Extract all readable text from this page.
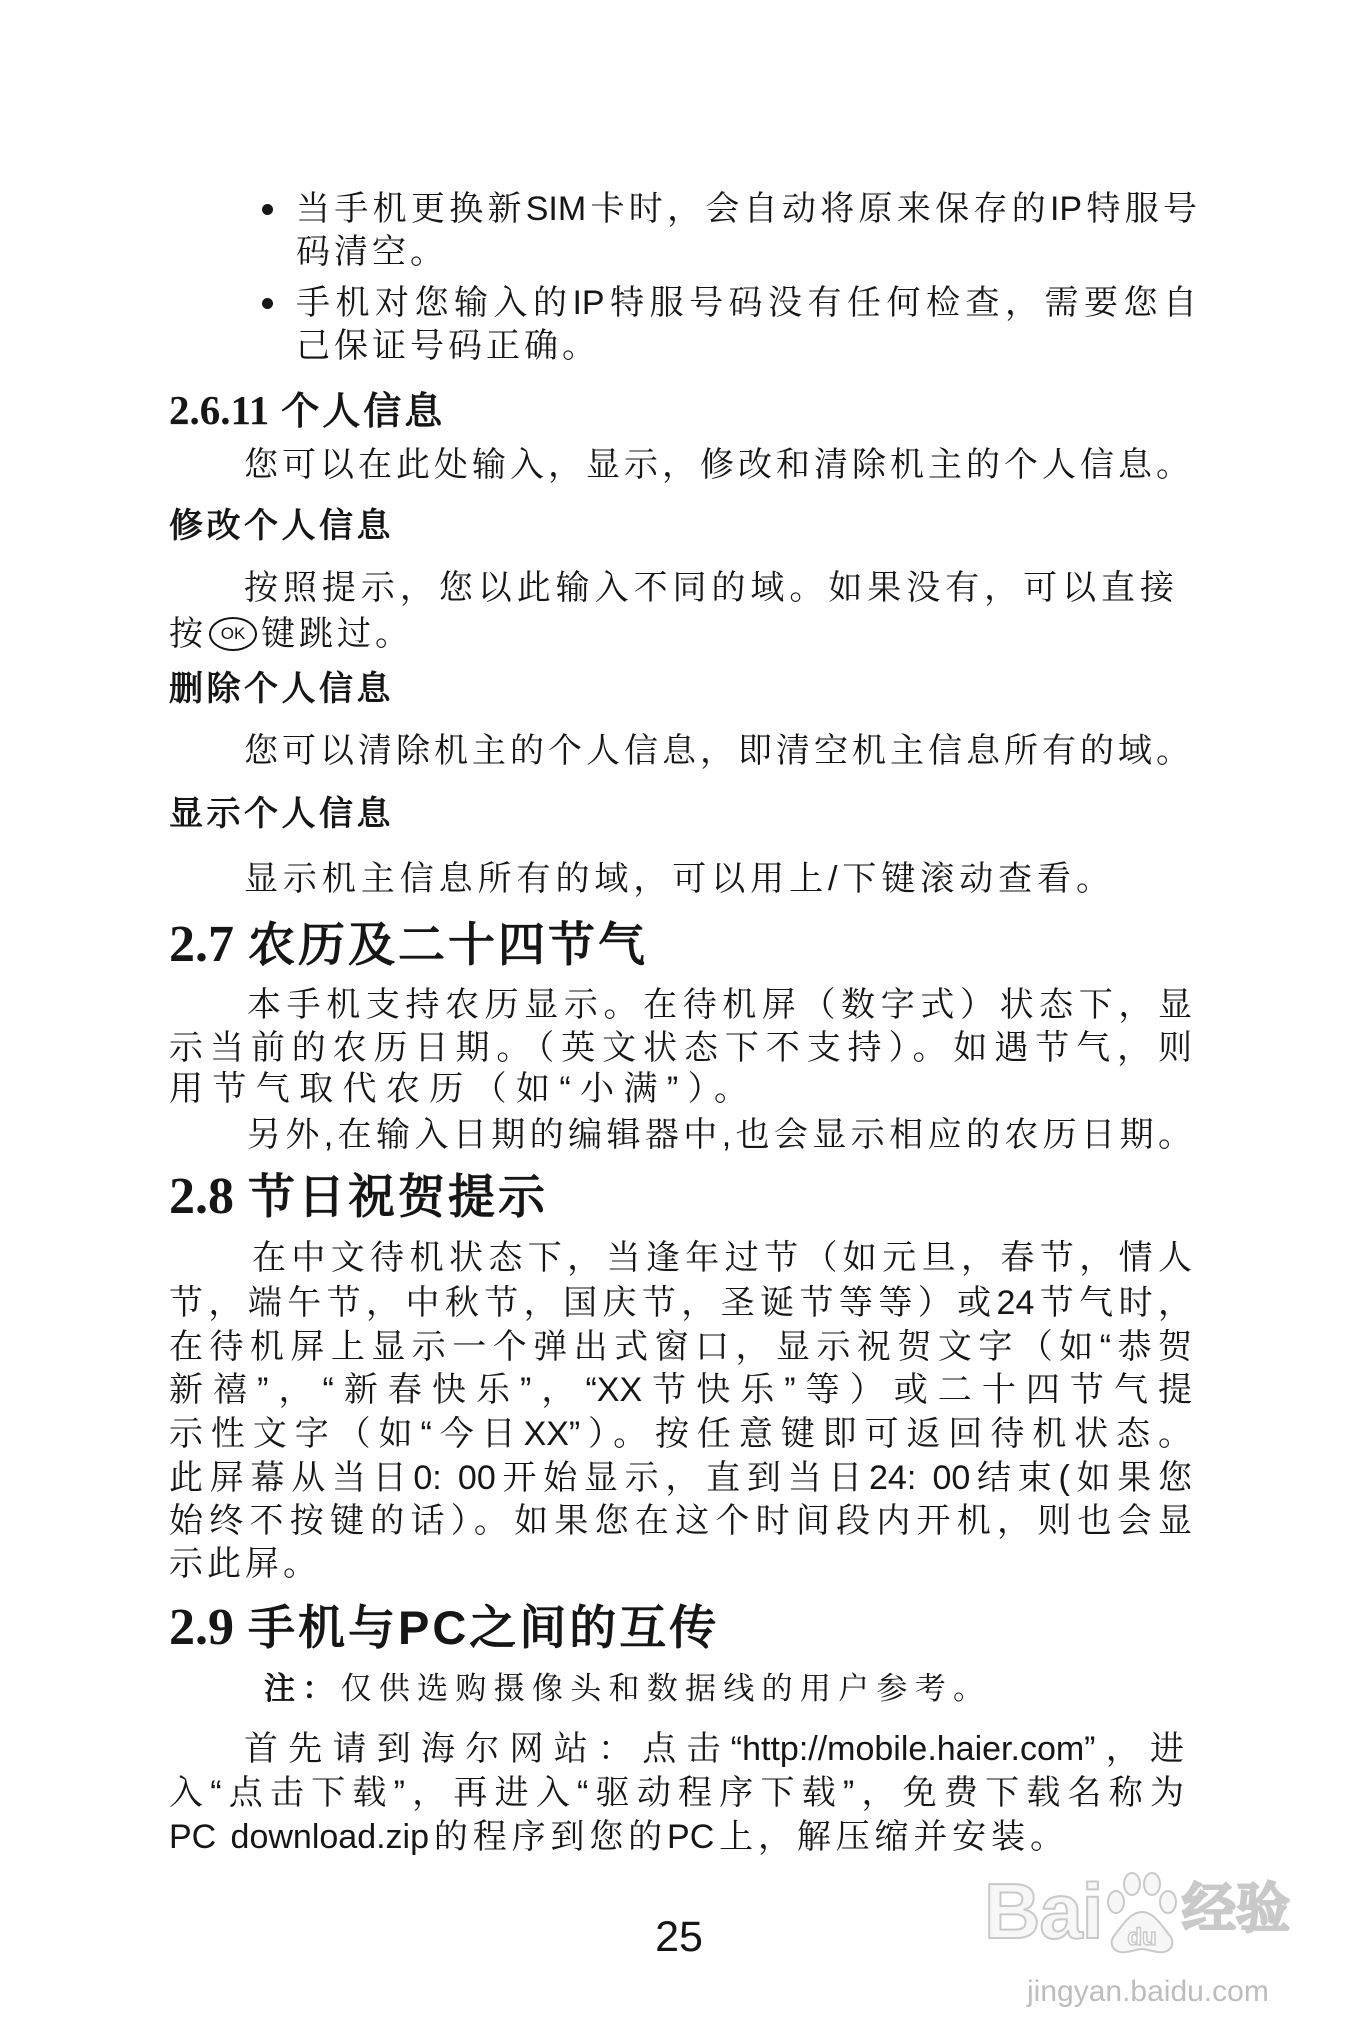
当手机更换新SIM卡时，会自动将原来保存的IP特服号
码清空。
手机对您输入的IP特服号码没有任何检查，需要您自
己保证号码正确。
2.6.11 个人信息
您可以在此处输入，显示，修改和清除机主的个人信息。
修改个人信息
按照提示，您以此输入不同的域。如果没有，可以直接
按 OK 键跳过。
删除个人信息
您可以清除机主的个人信息，即清空机主信息所有的域。
显示个人信息
显示机主信息所有的域，可以用上/下键滚动查看。
2.7 农历及二十四节气
本手机支持农历显示。在待机屏（数字式）状态下，显
示当前的农历日期。（英文状态下不支持）。如遇节气，则
用节气取代农历（如“小满”）。
另外,在输入日期的编辑器中,也会显示相应的农历日期。
2.8 节日祝贺提示
在中文待机状态下，当逢年过节（如元旦，春节，情人
节，端午节，中秋节，国庆节，圣诞节等等）或24节气时，
在待机屏上显示一个弹出式窗口，显示祝贺文字（如“恭贺
新禧”，“新春快乐”，“XX节快乐”等）或二十四节气提
示性文字（如“今日XX”）。按任意键即可返回待机状态。
此屏幕从当日0: 00开始显示，直到当日24: 00结束(如果您
始终不按键的话）。如果您在这个时间段内开机，则也会显
示此屏。
2.9 手机与PC之间的互传
注：仅供选购摄像头和数据线的用户参考。
首先请到海尔网站：点击“http://mobile.haier.com”，进
入“点击下载”，再进入“驱动程序下载”，免费下载名称为
PC download.zip的程序到您的PC上，解压缩并安装。
25	Bai du 经验
jingyan.baidu.com
